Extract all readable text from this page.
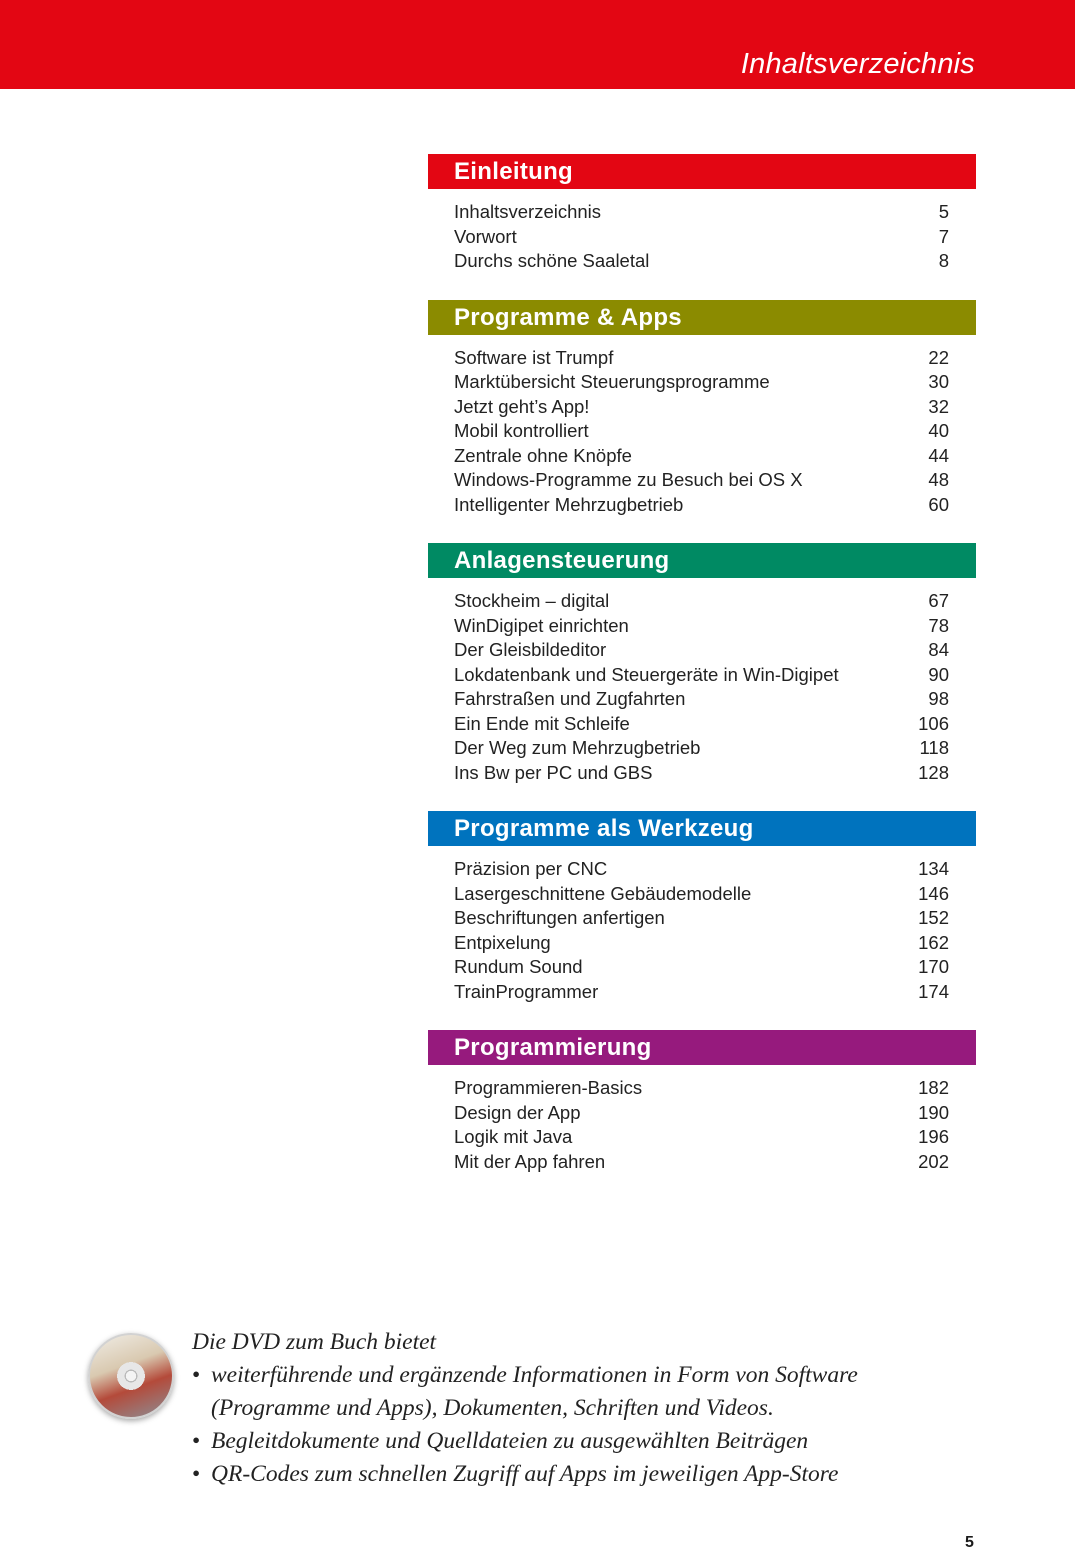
Inhaltsverzeichnis
Einleitung
Inhaltsverzeichnis	5
Vorwort	7
Durchs schöne Saaletal	8
Programme & Apps
Software ist Trumpf	22
Marktübersicht Steuerungsprogramme	30
Jetzt geht’s App!	32
Mobil kontrolliert	40
Zentrale ohne Knöpfe	44
Windows-Programme zu Besuch bei OS X	48
Intelligenter Mehrzugbetrieb	60
Anlagensteuerung
Stockheim – digital	67
WinDigipet einrichten	78
Der Gleisbildeditor	84
Lokdatenbank und Steuergeräte in Win-Digipet	90
Fahrstraßen und Zugfahrten	98
Ein Ende mit Schleife	106
Der Weg zum Mehrzugbetrieb	118
Ins Bw per PC und GBS	128
Programme als Werkzeug
Präzision per CNC	134
Lasergeschnittene Gebäudemodelle	146
Beschriftungen anfertigen	152
Entpixelung	162
Rundum Sound	170
TrainProgrammer	174
Programmierung
Programmieren-Basics	182
Design der App	190
Logik mit Java	196
Mit der App fahren	202
Die DVD zum Buch bietet
• weiterführende und ergänzende Informationen in Form von Software
(Programme und Apps), Dokumenten, Schriften und Videos.
• Begleitdokumente und Quelldateien zu ausgewählten Beiträgen
• QR-Codes zum schnellen Zugriff auf Apps im jeweiligen App-Store
5
